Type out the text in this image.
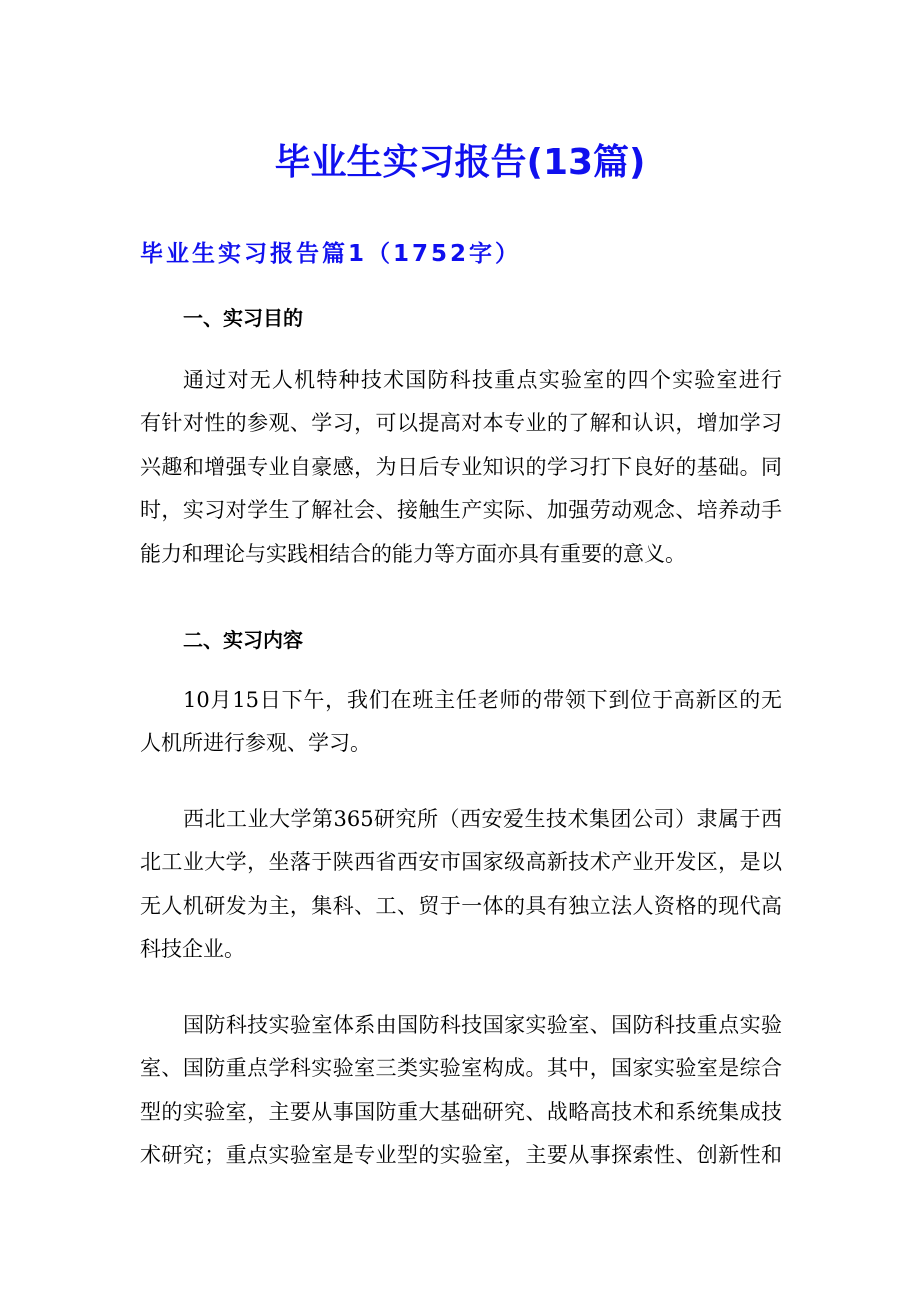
毕业生实习报告(13篇)
毕业生实习报告篇1（1752字）
一、实习目的
通过对无人机特种技术国防科技重点实验室的四个实验室进行
有针对性的参观、学习，可以提高对本专业的了解和认识，增加学习
兴趣和增强专业自豪感，为日后专业知识的学习打下良好的基础。同
时，实习对学生了解社会、接触生产实际、加强劳动观念、培养动手
能力和理论与实践相结合的能力等方面亦具有重要的意义。
二、实习内容
10月15日下午，我们在班主任老师的带领下到位于高新区的无
人机所进行参观、学习。
西北工业大学第365研究所（西安爱生技术集团公司）隶属于西
北工业大学，坐落于陕西省西安市国家级高新技术产业开发区，是以
无人机研发为主，集科、工、贸于一体的具有独立法人资格的现代高
科技企业。
国防科技实验室体系由国防科技国家实验室、国防科技重点实验
室、国防重点学科实验室三类实验室构成。其中，国家实验室是综合
型的实验室，主要从事国防重大基础研究、战略高技术和系统集成技
术研究；重点实验室是专业型的实验室，主要从事探索性、创新性和
